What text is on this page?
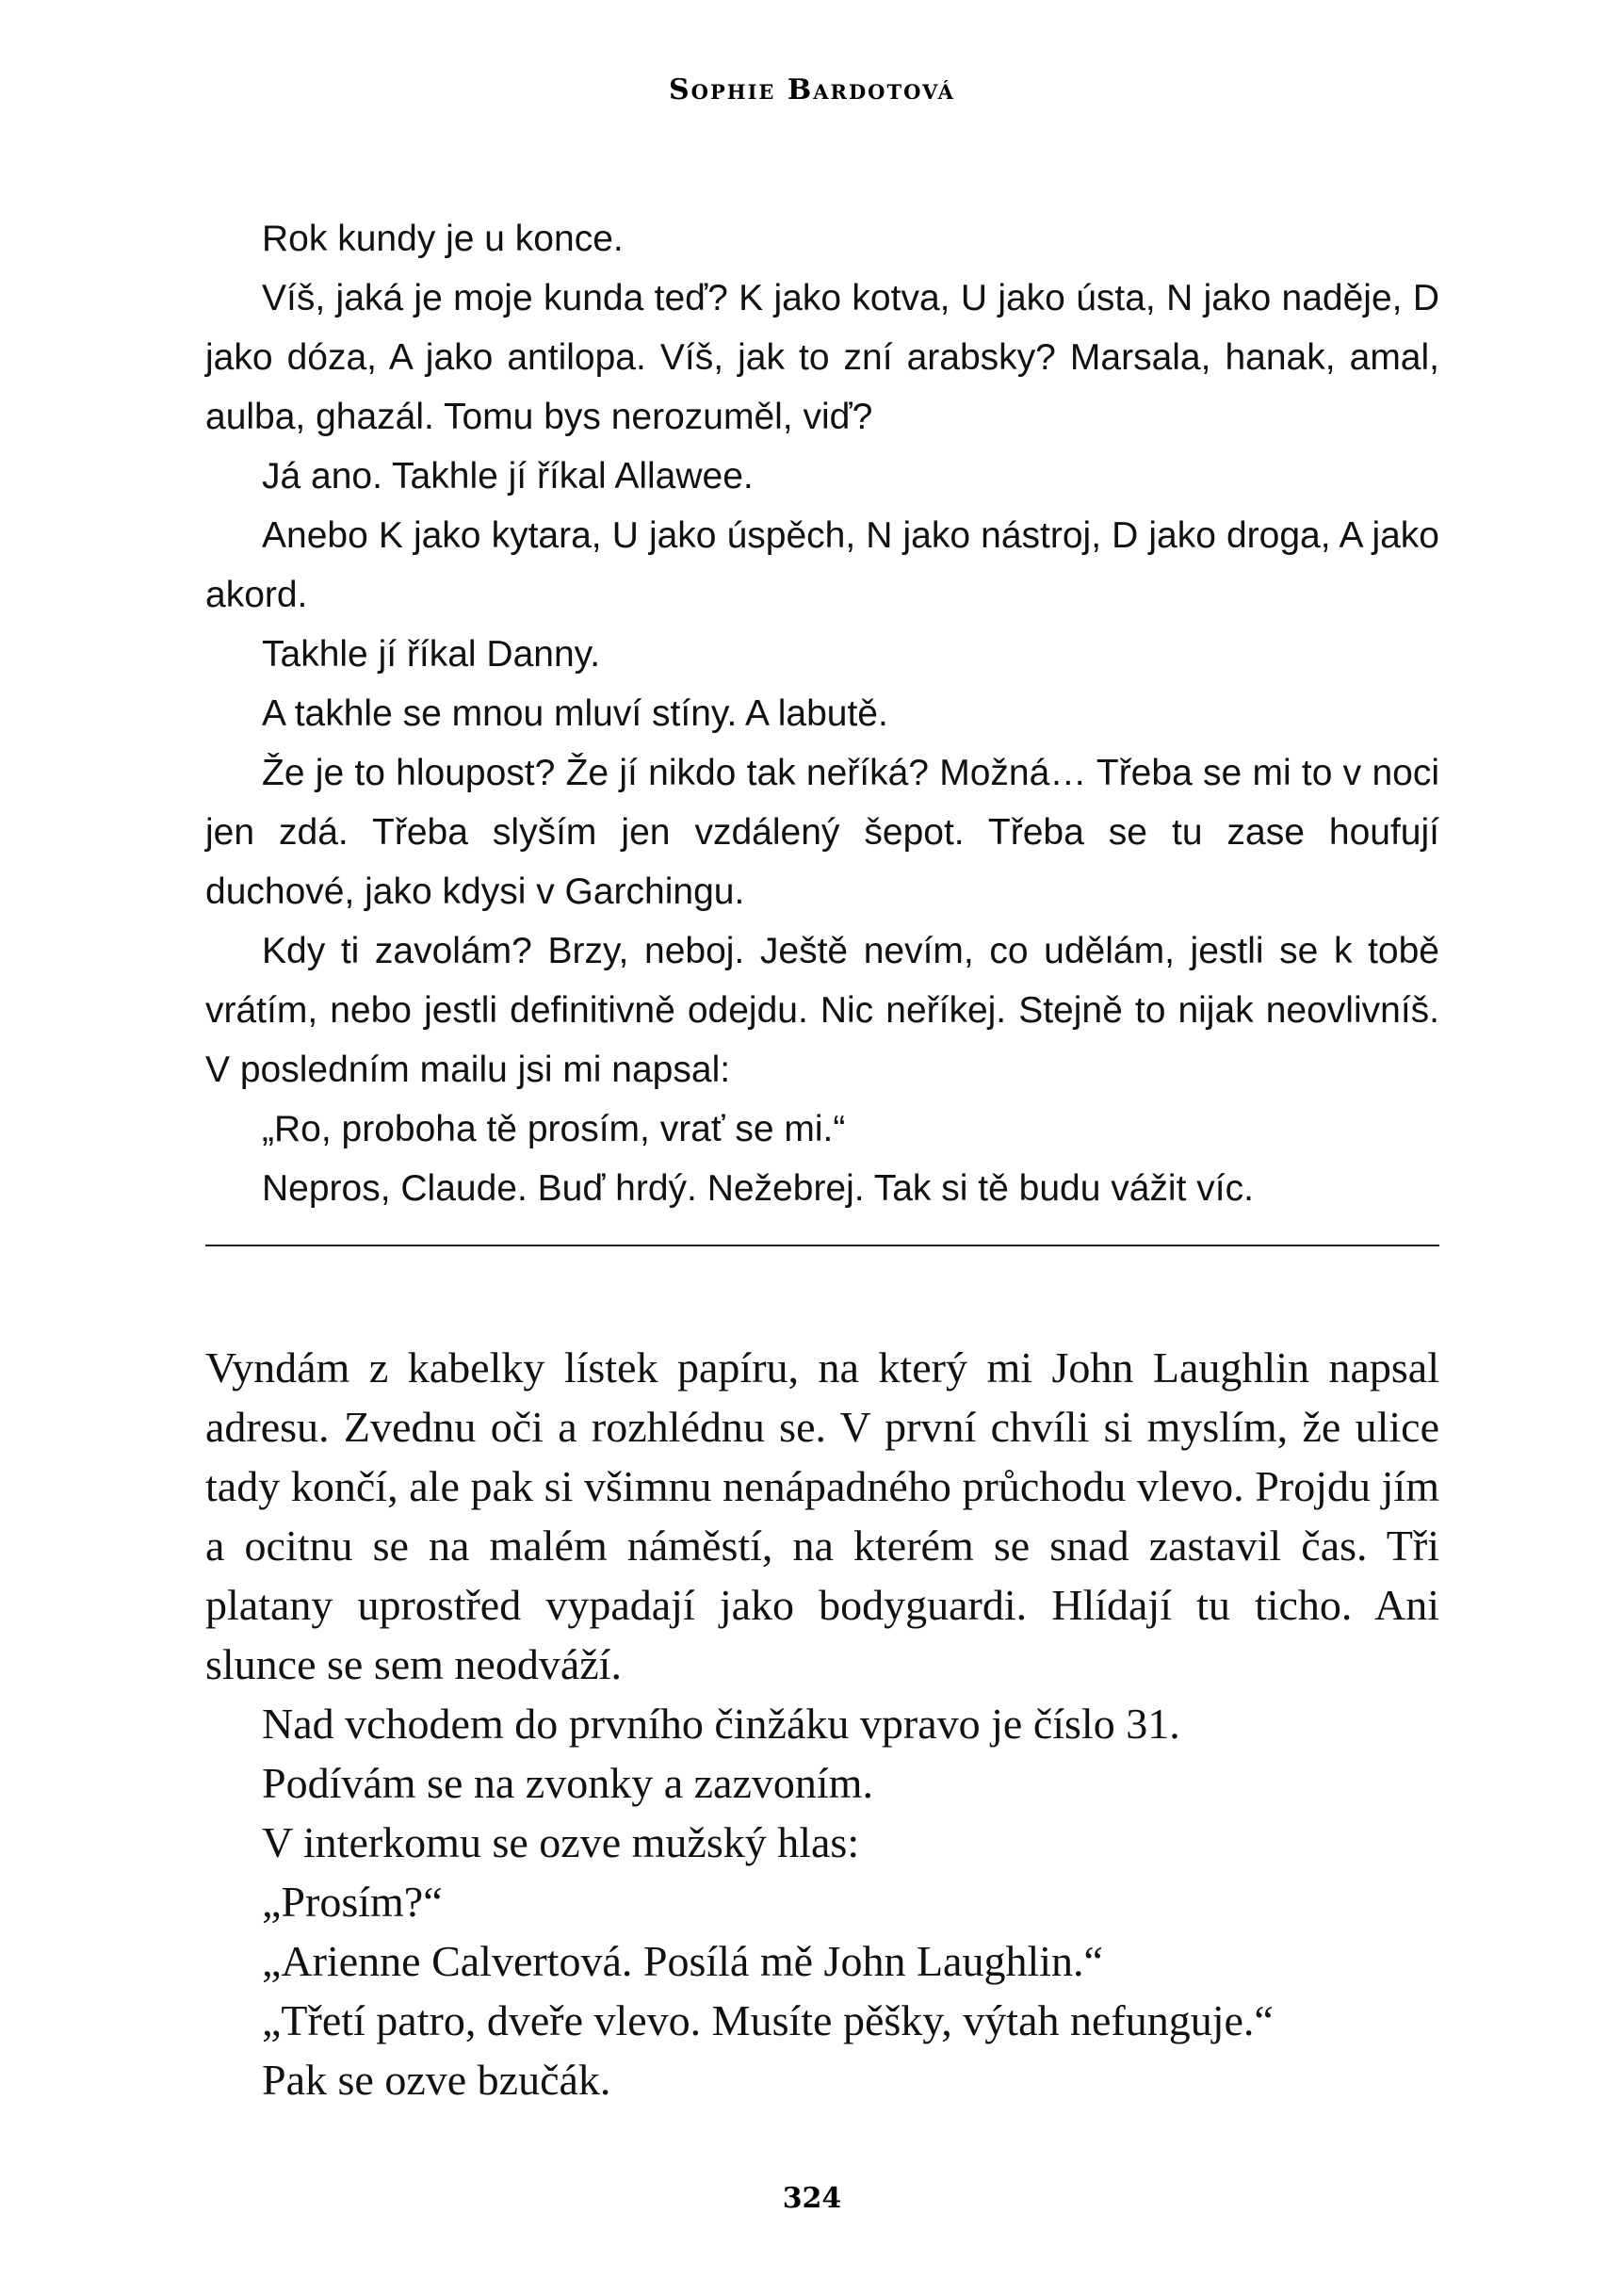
Sophie Bardotová

Rok kundy je u konce.

Víš, jaká je moje kunda teď? K jako kotva, U jako ústa, N jako naděje, D jako dóza, A jako antilopa. Víš, jak to zní arabsky? Marsala, hanak, amal, aulba, ghazál. Tomu bys nerozuměl, viď?

Já ano. Takhle jí říkal Allawee.

Anebo K jako kytara, U jako úspěch, N jako nástroj, D jako droga, A jako akord.

Takhle jí říkal Danny.

A takhle se mnou mluví stíny. A labutě.

Že je to hloupost? Že jí nikdo tak neříká? Možná… Třeba se mi to v noci jen zdá. Třeba slyším jen vzdálený šepot. Třeba se tu zase houfují duchové, jako kdysi v Garchingu.

Kdy ti zavolám? Brzy, neboj. Ještě nevím, co udělám, jestli se k tobě vrátím, nebo jestli definitivně odejdu. Nic neříkej. Stejně to nijak neovlivníš. V posledním mailu jsi mi napsal:

„Ro, proboha tě prosím, vrať se mi.“

Nepros, Claude. Buď hrdý. Nežebrej. Tak si tě budu vážit víc.

Vyndám z kabelky lístek papíru, na který mi John Laughlin napsal adresu. Zvednu oči a rozhlédnu se. V první chvíli si myslím, že ulice tady končí, ale pak si všimnu nenápadného průchodu vlevo. Projdu jím a ocitnu se na malém náměstí, na kterém se snad zastavil čas. Tři platany uprostřed vypadají jako bodyguardi. Hlídají tu ticho. Ani slunce se sem neodváží.

Nad vchodem do prvního činžáku vpravo je číslo 31.

Podívám se na zvonky a zazvoním.

V interkomu se ozve mužský hlas:

„Prosím?“

„Arienne Calvertová. Posílá mě John Laughlin.“

„Třetí patro, dveře vlevo. Musíte pěšky, výtah nefunguje.“

Pak se ozve bzučák.

324
